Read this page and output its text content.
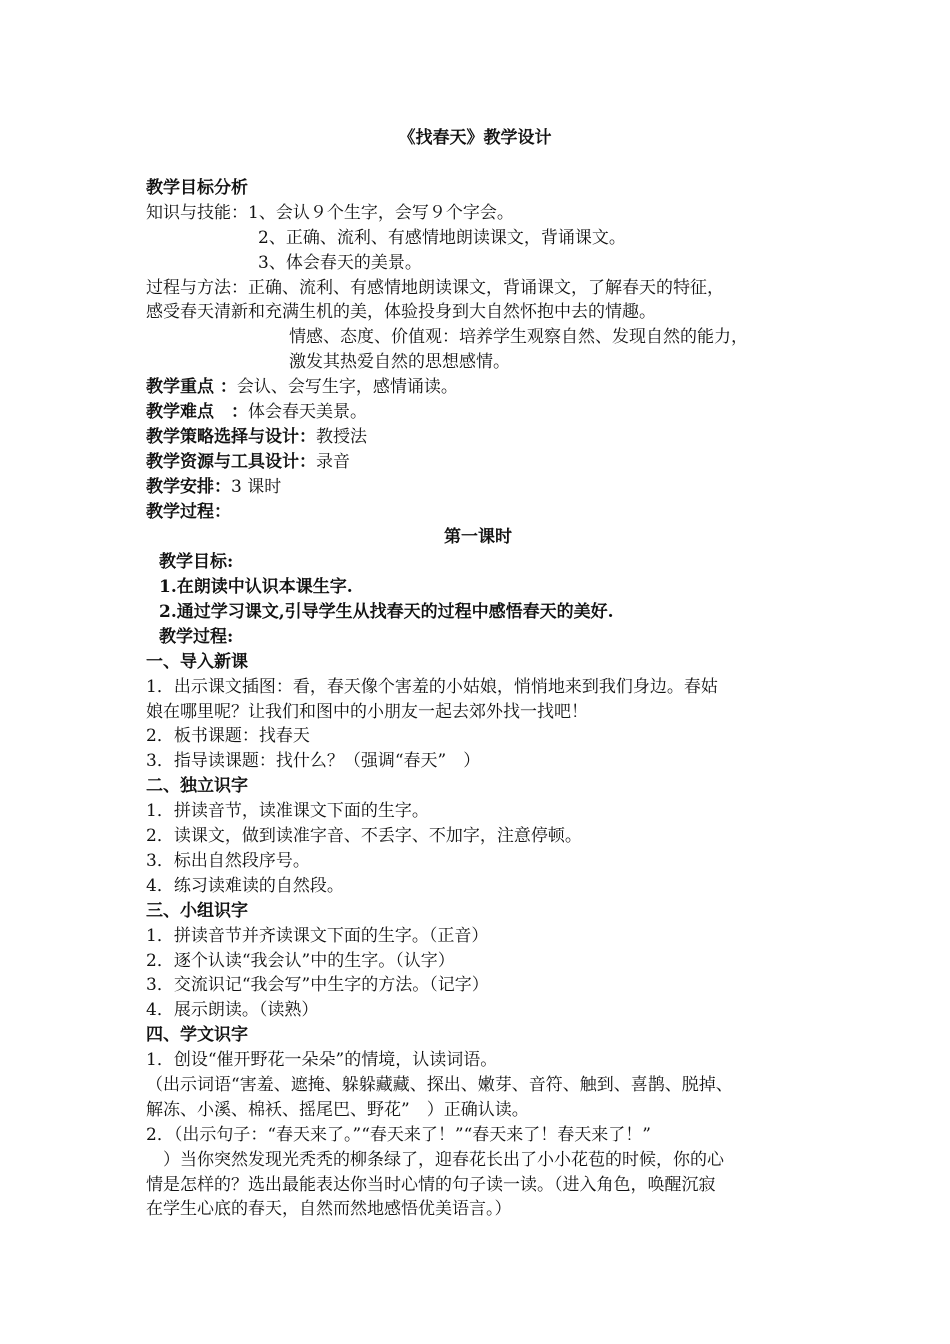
《找春天》教学设计
教学目标分析
知识与技能：1、会认９个生字，会写９个字会。
2、正确、流利、有感情地朗读课文，背诵课文。
3、体会春天的美景。
过程与方法：正确、流利、有感情地朗读课文，背诵课文，了解春天的特征，
感受春天清新和充满生机的美，体验投身到大自然怀抱中去的情趣。
情感、态度、价值观：培养学生观察自然、发现自然的能力，
激发其热爱自然的思想感情。
教学重点 ：会认、会写生字，感情诵读。
教学难点　：体会春天美景。
教学策略选择与设计：教授法
教学资源与工具设计：录音
教学安排：3 课时
教学过程：
第一课时
教学目标:
1.在朗读中认识本课生字.
2.通过学习课文,引导学生从找春天的过程中感悟春天的美好.
教学过程:
一、导入新课
1．出示课文插图：看，春天像个害羞的小姑娘，悄悄地来到我们身边。春姑
娘在哪里呢？让我们和图中的小朋友一起去郊外找一找吧！
2．板书课题：找春天
3．指导读课题：找什么？（强调“春天”　）
二、独立识字
1．拼读音节，读准课文下面的生字。
2．读课文，做到读准字音、不丢字、不加字，注意停顿。
3．标出自然段序号。
4．练习读难读的自然段。
三、小组识字
1．拼读音节并齐读课文下面的生字。（正音）
2．逐个认读“我会认”中的生字。（认字）
3．交流识记“我会写”中生字的方法。（记字）
4．展示朗读。（读熟）
四、学文识字
1．创设“催开野花一朵朵”的情境，认读词语。
（出示词语“害羞、遮掩、躲躲藏藏、探出、嫩芽、音符、触到、喜鹊、脱掉、
解冻、小溪、棉袄、摇尾巴、野花”　）正确认读。
2．（出示句子：“春天来了。”“春天来了！”“春天来了！春天来了！”
　）当你突然发现光秃秃的柳条绿了，迎春花长出了小小花苞的时候，你的心
情是怎样的？选出最能表达你当时心情的句子读一读。（进入角色，唤醒沉寂
在学生心底的春天，自然而然地感悟优美语言。）
